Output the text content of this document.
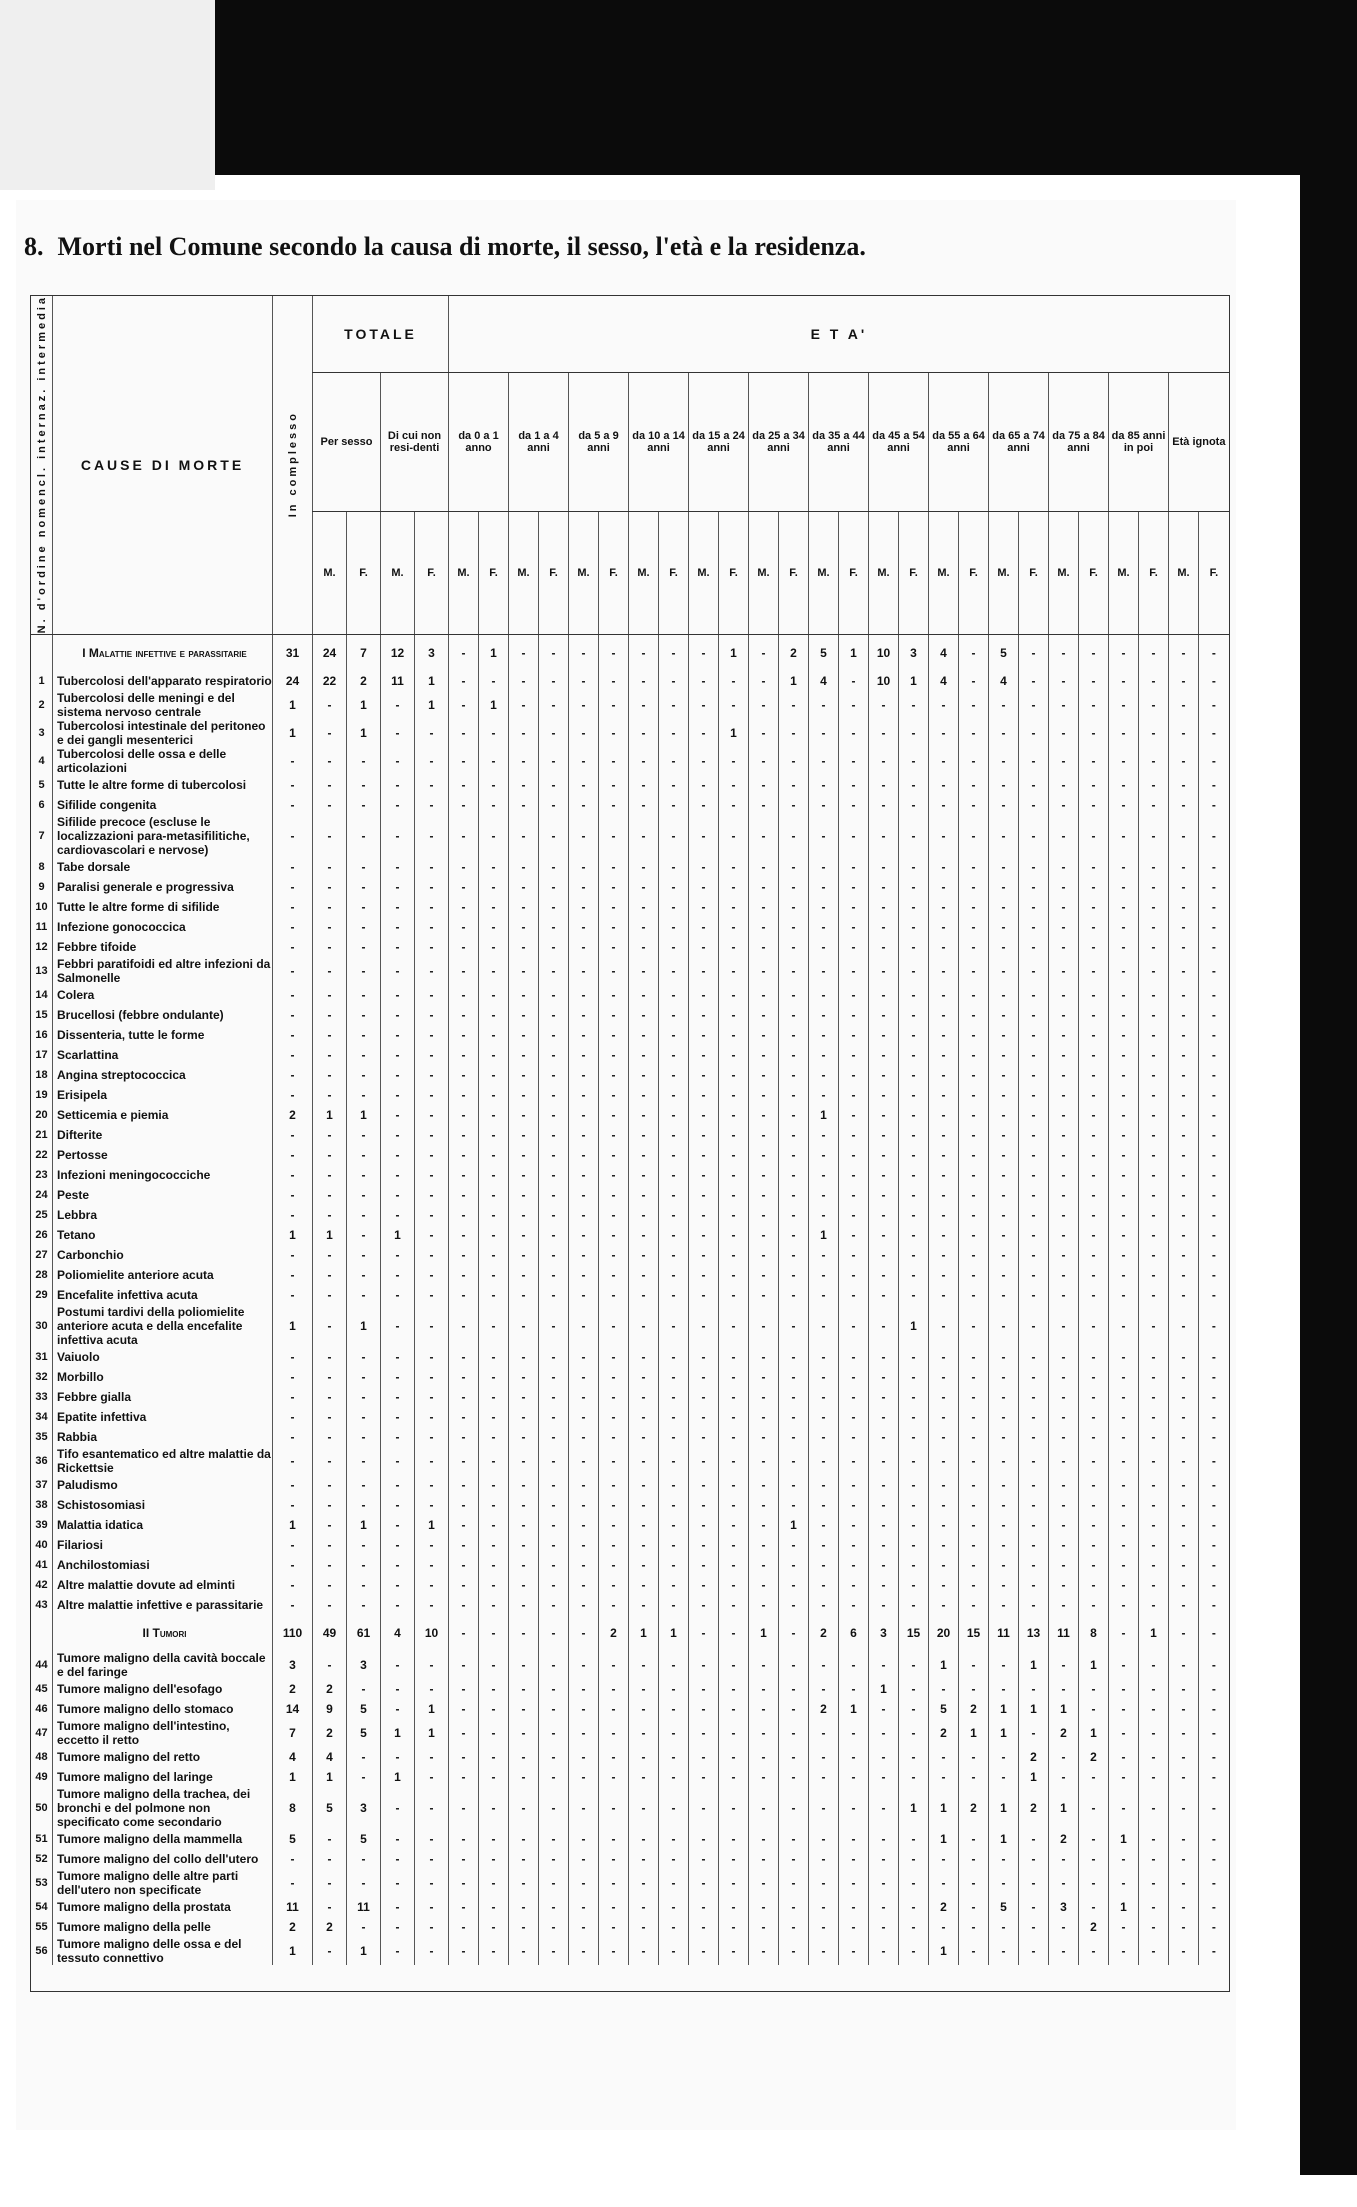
8. Morti nel Comune secondo la causa di morte, il sesso, l'età e la residenza.
N. d'ordine nomencl. internaz. intermedia	CAUSE DI MORTE	In complesso	TOTALE				E T A'																									
			Per sesso		Di cui non resi-denti		da 0 a 1 anno		da 1 a 4 anni		da 5 a 9 anni		da 10 a 14 anni		da 15 a 24 anni		da 25 a 34 anni		da 35 a 44 anni		da 45 a 54 anni		da 55 a 64 anni		da 65 a 74 anni		da 75 a 84 anni		da 85 anni in poi		Età ignota	
			M.	F.	M.	F.	M.	F.	M.	F.	M.	F.	M.	F.	M.	F.	M.	F.	M.	F.	M.	F.	M.	F.	M.	F.	M.	F.	M.	F.	M.	F.
	I Malattie infettive e parassitarie	31	24	7	12	3	-	1	-	-	-	-	-	-	-	1	-	2	5	1	10	3	4	-	5	-	-	-	-	-	-	-
1	Tubercolosi dell'apparato respiratorio	24	22	2	11	1	-	-	-	-	-	-	-	-	-	-	-	1	4	-	10	1	4	-	4	-	-	-	-	-	-	-
2	Tubercolosi delle meningi e del sistema nervoso centrale	1	-	1	-	1	-	1	-	-	-	-	-	-	-	-	-	-	-	-	-	-	-	-	-	-	-	-	-	-	-	-
3	Tubercolosi intestinale del peritoneo e dei gangli mesenterici	1	-	1	-	-	-	-	-	-	-	-	-	-	-	1	-	-	-	-	-	-	-	-	-	-	-	-	-	-	-	-
4	Tubercolosi delle ossa e delle articolazioni	-	-	-	-	-	-	-	-	-	-	-	-	-	-	-	-	-	-	-	-	-	-	-	-	-	-	-	-	-	-	-
5	Tutte le altre forme di tubercolosi	-	-	-	-	-	-	-	-	-	-	-	-	-	-	-	-	-	-	-	-	-	-	-	-	-	-	-	-	-	-	-
6	Sifilide congenita	-	-	-	-	-	-	-	-	-	-	-	-	-	-	-	-	-	-	-	-	-	-	-	-	-	-	-	-	-	-	-
7	Sifilide precoce (escluse le localizzazioni para-metasifilitiche, cardiovascolari e nervose)	-	-	-	-	-	-	-	-	-	-	-	-	-	-	-	-	-	-	-	-	-	-	-	-	-	-	-	-	-	-	-
8	Tabe dorsale	-	-	-	-	-	-	-	-	-	-	-	-	-	-	-	-	-	-	-	-	-	-	-	-	-	-	-	-	-	-	-
9	Paralisi generale e progressiva	-	-	-	-	-	-	-	-	-	-	-	-	-	-	-	-	-	-	-	-	-	-	-	-	-	-	-	-	-	-	-
10	Tutte le altre forme di sifilide	-	-	-	-	-	-	-	-	-	-	-	-	-	-	-	-	-	-	-	-	-	-	-	-	-	-	-	-	-	-	-
11	Infezione gonococcica	-	-	-	-	-	-	-	-	-	-	-	-	-	-	-	-	-	-	-	-	-	-	-	-	-	-	-	-	-	-	-
12	Febbre tifoide	-	-	-	-	-	-	-	-	-	-	-	-	-	-	-	-	-	-	-	-	-	-	-	-	-	-	-	-	-	-	-
13	Febbri paratifoidi ed altre infezioni da Salmonelle	-	-	-	-	-	-	-	-	-	-	-	-	-	-	-	-	-	-	-	-	-	-	-	-	-	-	-	-	-	-	-
14	Colera	-	-	-	-	-	-	-	-	-	-	-	-	-	-	-	-	-	-	-	-	-	-	-	-	-	-	-	-	-	-	-
15	Brucellosi (febbre ondulante)	-	-	-	-	-	-	-	-	-	-	-	-	-	-	-	-	-	-	-	-	-	-	-	-	-	-	-	-	-	-	-
16	Dissenteria, tutte le forme	-	-	-	-	-	-	-	-	-	-	-	-	-	-	-	-	-	-	-	-	-	-	-	-	-	-	-	-	-	-	-
17	Scarlattina	-	-	-	-	-	-	-	-	-	-	-	-	-	-	-	-	-	-	-	-	-	-	-	-	-	-	-	-	-	-	-
18	Angina streptococcica	-	-	-	-	-	-	-	-	-	-	-	-	-	-	-	-	-	-	-	-	-	-	-	-	-	-	-	-	-	-	-
19	Erisipela	-	-	-	-	-	-	-	-	-	-	-	-	-	-	-	-	-	-	-	-	-	-	-	-	-	-	-	-	-	-	-
20	Setticemia e piemia	2	1	1	-	-	-	-	-	-	-	-	-	-	-	-	-	-	1	-	-	-	-	-	-	-	-	-	-	-	-	-
21	Difterite	-	-	-	-	-	-	-	-	-	-	-	-	-	-	-	-	-	-	-	-	-	-	-	-	-	-	-	-	-	-	-
22	Pertosse	-	-	-	-	-	-	-	-	-	-	-	-	-	-	-	-	-	-	-	-	-	-	-	-	-	-	-	-	-	-	-
23	Infezioni meningococciche	-	-	-	-	-	-	-	-	-	-	-	-	-	-	-	-	-	-	-	-	-	-	-	-	-	-	-	-	-	-	-
24	Peste	-	-	-	-	-	-	-	-	-	-	-	-	-	-	-	-	-	-	-	-	-	-	-	-	-	-	-	-	-	-	-
25	Lebbra	-	-	-	-	-	-	-	-	-	-	-	-	-	-	-	-	-	-	-	-	-	-	-	-	-	-	-	-	-	-	-
26	Tetano	1	1	-	1	-	-	-	-	-	-	-	-	-	-	-	-	-	1	-	-	-	-	-	-	-	-	-	-	-	-	-
27	Carbonchio	-	-	-	-	-	-	-	-	-	-	-	-	-	-	-	-	-	-	-	-	-	-	-	-	-	-	-	-	-	-	-
28	Poliomielite anteriore acuta	-	-	-	-	-	-	-	-	-	-	-	-	-	-	-	-	-	-	-	-	-	-	-	-	-	-	-	-	-	-	-
29	Encefalite infettiva acuta	-	-	-	-	-	-	-	-	-	-	-	-	-	-	-	-	-	-	-	-	-	-	-	-	-	-	-	-	-	-	-
30	Postumi tardivi della poliomielite anteriore acuta e della encefalite infettiva acuta	1	-	1	-	-	-	-	-	-	-	-	-	-	-	-	-	-	-	-	-	1	-	-	-	-	-	-	-	-	-	-
31	Vaiuolo	-	-	-	-	-	-	-	-	-	-	-	-	-	-	-	-	-	-	-	-	-	-	-	-	-	-	-	-	-	-	-
32	Morbillo	-	-	-	-	-	-	-	-	-	-	-	-	-	-	-	-	-	-	-	-	-	-	-	-	-	-	-	-	-	-	-
33	Febbre gialla	-	-	-	-	-	-	-	-	-	-	-	-	-	-	-	-	-	-	-	-	-	-	-	-	-	-	-	-	-	-	-
34	Epatite infettiva	-	-	-	-	-	-	-	-	-	-	-	-	-	-	-	-	-	-	-	-	-	-	-	-	-	-	-	-	-	-	-
35	Rabbia	-	-	-	-	-	-	-	-	-	-	-	-	-	-	-	-	-	-	-	-	-	-	-	-	-	-	-	-	-	-	-
36	Tifo esantematico ed altre malattie da Rickettsie	-	-	-	-	-	-	-	-	-	-	-	-	-	-	-	-	-	-	-	-	-	-	-	-	-	-	-	-	-	-	-
37	Paludismo	-	-	-	-	-	-	-	-	-	-	-	-	-	-	-	-	-	-	-	-	-	-	-	-	-	-	-	-	-	-	-
38	Schistosomiasi	-	-	-	-	-	-	-	-	-	-	-	-	-	-	-	-	-	-	-	-	-	-	-	-	-	-	-	-	-	-	-
39	Malattia idatica	1	-	1	-	1	-	-	-	-	-	-	-	-	-	-	-	1	-	-	-	-	-	-	-	-	-	-	-	-	-	-
40	Filariosi	-	-	-	-	-	-	-	-	-	-	-	-	-	-	-	-	-	-	-	-	-	-	-	-	-	-	-	-	-	-	-
41	Anchilostomiasi	-	-	-	-	-	-	-	-	-	-	-	-	-	-	-	-	-	-	-	-	-	-	-	-	-	-	-	-	-	-	-
42	Altre malattie dovute ad elminti	-	-	-	-	-	-	-	-	-	-	-	-	-	-	-	-	-	-	-	-	-	-	-	-	-	-	-	-	-	-	-
43	Altre malattie infettive e parassitarie	-	-	-	-	-	-	-	-	-	-	-	-	-	-	-	-	-	-	-	-	-	-	-	-	-	-	-	-	-	-	-
	II Tumori	110	49	61	4	10	-	-	-	-	-	2	1	1	-	-	1	-	2	6	3	15	20	15	11	13	11	8	-	1	-	-
44	Tumore maligno della cavità boccale e del faringe	3	-	3	-	-	-	-	-	-	-	-	-	-	-	-	-	-	-	-	-	-	1	-	-	1	-	1	-	-	-	-
45	Tumore maligno dell'esofago	2	2	-	-	-	-	-	-	-	-	-	-	-	-	-	-	-	-	-	1	-	-	-	-	-	-	-	-	-	-	-
46	Tumore maligno dello stomaco	14	9	5	-	1	-	-	-	-	-	-	-	-	-	-	-	-	2	1	-	-	5	2	1	1	1	-	-	-	-	-
47	Tumore maligno dell'intestino, eccetto il retto	7	2	5	1	1	-	-	-	-	-	-	-	-	-	-	-	-	-	-	-	-	2	1	1	-	2	1	-	-	-	-
48	Tumore maligno del retto	4	4	-	-	-	-	-	-	-	-	-	-	-	-	-	-	-	-	-	-	-	-	-	-	2	-	2	-	-	-	-
49	Tumore maligno del laringe	1	1	-	1	-	-	-	-	-	-	-	-	-	-	-	-	-	-	-	-	-	-	-	-	1	-	-	-	-	-	-
50	Tumore maligno della trachea, dei bronchi e del polmone non specificato come secondario	8	5	3	-	-	-	-	-	-	-	-	-	-	-	-	-	-	-	-	-	1	1	2	1	2	1	-	-	-	-	-
51	Tumore maligno della mammella	5	-	5	-	-	-	-	-	-	-	-	-	-	-	-	-	-	-	-	-	-	1	-	1	-	2	-	1	-	-	-
52	Tumore maligno del collo dell'utero	-	-	-	-	-	-	-	-	-	-	-	-	-	-	-	-	-	-	-	-	-	-	-	-	-	-	-	-	-	-	-
53	Tumore maligno delle altre parti dell'utero non specificate	-	-	-	-	-	-	-	-	-	-	-	-	-	-	-	-	-	-	-	-	-	-	-	-	-	-	-	-	-	-	-
54	Tumore maligno della prostata	11	-	11	-	-	-	-	-	-	-	-	-	-	-	-	-	-	-	-	-	-	2	-	5	-	3	-	1	-	-	-
55	Tumore maligno della pelle	2	2	-	-	-	-	-	-	-	-	-	-	-	-	-	-	-	-	-	-	-	-	-	-	-	-	2	-	-	-	-
56	Tumore maligno delle ossa e del tessuto connettivo	1	-	1	-	-	-	-	-	-	-	-	-	-	-	-	-	-	-	-	-	-	1	-	-	-	-	-	-	-	-	-
